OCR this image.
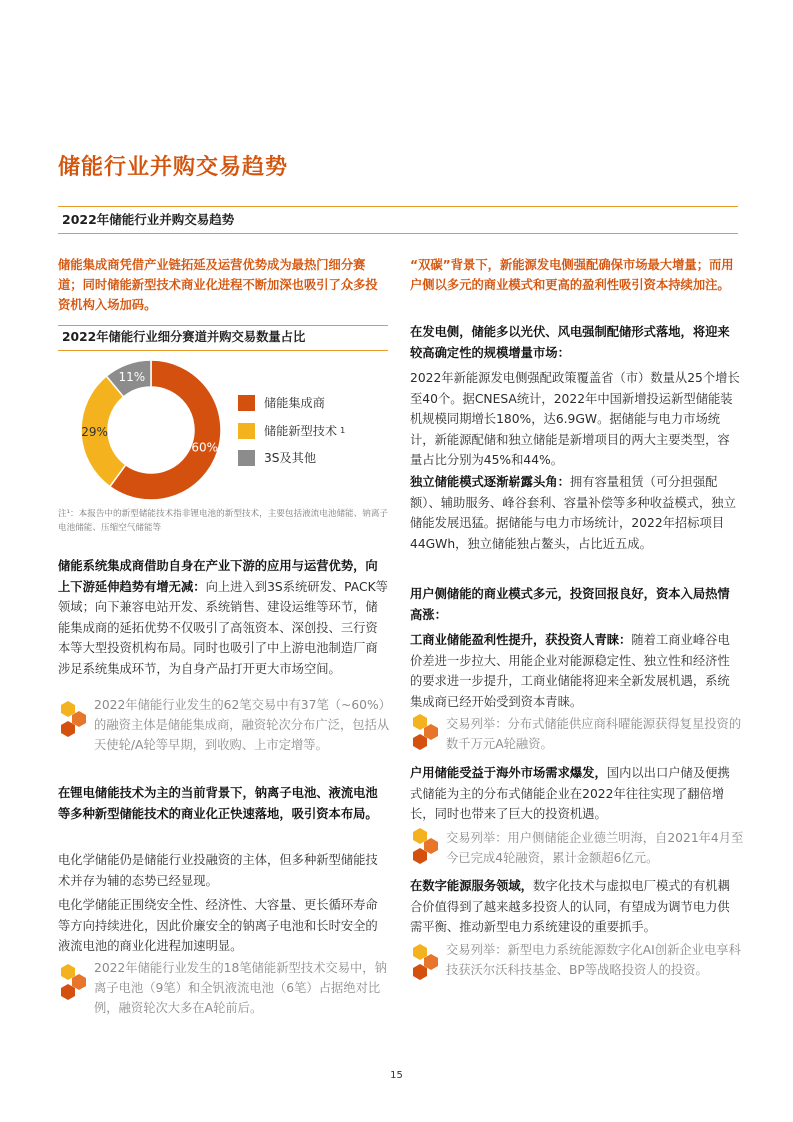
储能行业并购交易趋势
2022年储能行业并购交易趋势

储能集成商凭借产业链拓延及运营优势成为最热门细分赛道；同时储能新型技术商业化进程不断加深也吸引了众多投资机构入场加码。

2022年储能行业细分赛道并购交易数量占比
60%
29%
11%
储能集成商
储能新型技术 $^1$
3S及其他

注¹：本报告中的新型储能技术指非锂电池的新型技术，主要包括液流电池储能、钠离子电池储能、压缩空气储能等

储能系统集成商借助自身在产业下游的应用与运营优势，向上下游延伸趋势有增无减：向上进入到3S系统研发、PACK等领域；向下兼容电站开发、系统销售、建设运维等环节，储能集成商的延拓优势不仅吸引了高瓴资本、深创投、三行资本等大型投资机构布局。同时也吸引了中上游电池制造厂商涉足系统集成环节，为自身产品打开更大市场空间。

2022年储能行业发生的62笔交易中有37笔（~60%）的融资主体是储能集成商，融资轮次分布广泛，包括从天使轮/A轮等早期，到收购、上市定增等。

在锂电储能技术为主的当前背景下，钠离子电池、液流电池等多种新型储能技术的商业化正快速落地，吸引资本布局。

电化学储能仍是储能行业投融资的主体，但多种新型储能技术并存为辅的态势已经显现。

电化学储能正围绕安全性、经济性、大容量、更长循环寿命等方向持续进化，因此价廉安全的钠离子电池和长时安全的液流电池的商业化进程加速明显。

2022年储能行业发生的18笔储能新型技术交易中，钠离子电池（9笔）和全钒液流电池（6笔）占据绝对比例，融资轮次大多在A轮前后。

“双碳”背景下，新能源发电侧强配确保市场最大增量；而用户侧以多元的商业模式和更高的盈利性吸引资本持续加注。

在发电侧，储能多以光伏、风电强制配储形式落地，将迎来较高确定性的规模增量市场：

2022年新能源发电侧强配政策覆盖省（市）数量从25个增长至40个。据CNESA统计，2022年中国新增投运新型储能装机规模同期增长180%，达6.9GW。据储能与电力市场统计，新能源配储和独立储能是新增项目的两大主要类型，容量占比分别为45%和44%。

独立储能模式逐渐崭露头角：拥有容量租赁（可分担强配额）、辅助服务、峰谷套利、容量补偿等多种收益模式，独立储能发展迅猛。据储能与电力市场统计，2022年招标项目44GWh，独立储能独占鳌头，占比近五成。

用户侧储能的商业模式多元，投资回报良好，资本入局热情高涨：

工商业储能盈利性提升，获投资人青睐：随着工商业峰谷电价差进一步拉大、用能企业对能源稳定性、独立性和经济性的要求进一步提升，工商业储能将迎来全新发展机遇，系统集成商已经开始受到资本青睐。

交易列举：分布式储能供应商科曜能源获得复星投资的数千万元A轮融资。

户用储能受益于海外市场需求爆发，国内以出口户储及便携式储能为主的分布式储能企业在2022年往往实现了翻倍增长，同时也带来了巨大的投资机遇。

交易列举：用户侧储能企业德兰明海，自2021年4月至今已完成4轮融资，累计金额超6亿元。

在数字能源服务领域，数字化技术与虚拟电厂模式的有机耦合价值得到了越来越多投资人的认同，有望成为调节电力供需平衡、推动新型电力系统建设的重要抓手。

交易列举：新型电力系统能源数字化AI创新企业电享科技获沃尔沃科技基金、BP等战略投资人的投资。

15
